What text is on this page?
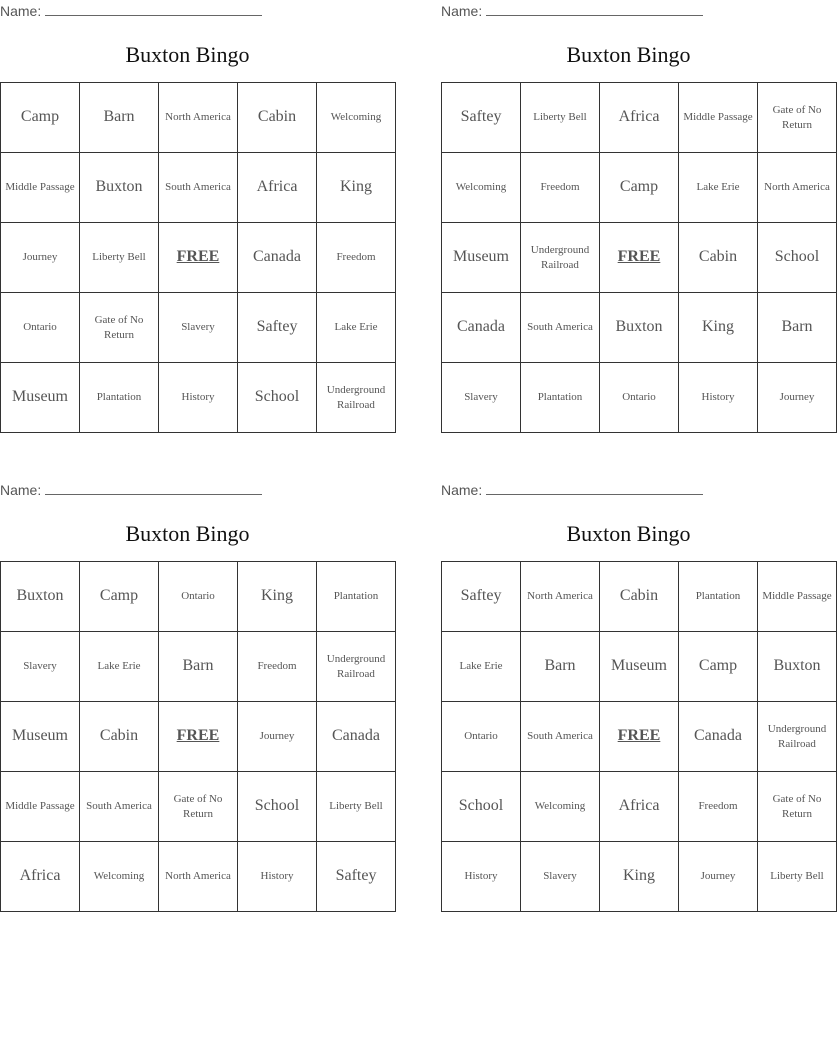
Name:
Buxton Bingo
Camp	Barn	North America	Cabin	Welcoming
Middle Passage	Buxton	South America	Africa	King
Journey	Liberty Bell	FREE	Canada	Freedom
Ontario	Gate of No Return	Slavery	Saftey	Lake Erie
Museum	Plantation	History	School	Underground Railroad
Name:
Buxton Bingo
Saftey	Liberty Bell	Africa	Middle Passage	Gate of No Return
Welcoming	Freedom	Camp	Lake Erie	North America
Museum	Underground Railroad	FREE	Cabin	School
Canada	South America	Buxton	King	Barn
Slavery	Plantation	Ontario	History	Journey
Name:
Buxton Bingo
Buxton	Camp	Ontario	King	Plantation
Slavery	Lake Erie	Barn	Freedom	Underground Railroad
Museum	Cabin	FREE	Journey	Canada
Middle Passage	South America	Gate of No Return	School	Liberty Bell
Africa	Welcoming	North America	History	Saftey
Name:
Buxton Bingo
Saftey	North America	Cabin	Plantation	Middle Passage
Lake Erie	Barn	Museum	Camp	Buxton
Ontario	South America	FREE	Canada	Underground Railroad
School	Welcoming	Africa	Freedom	Gate of No Return
History	Slavery	King	Journey	Liberty Bell
